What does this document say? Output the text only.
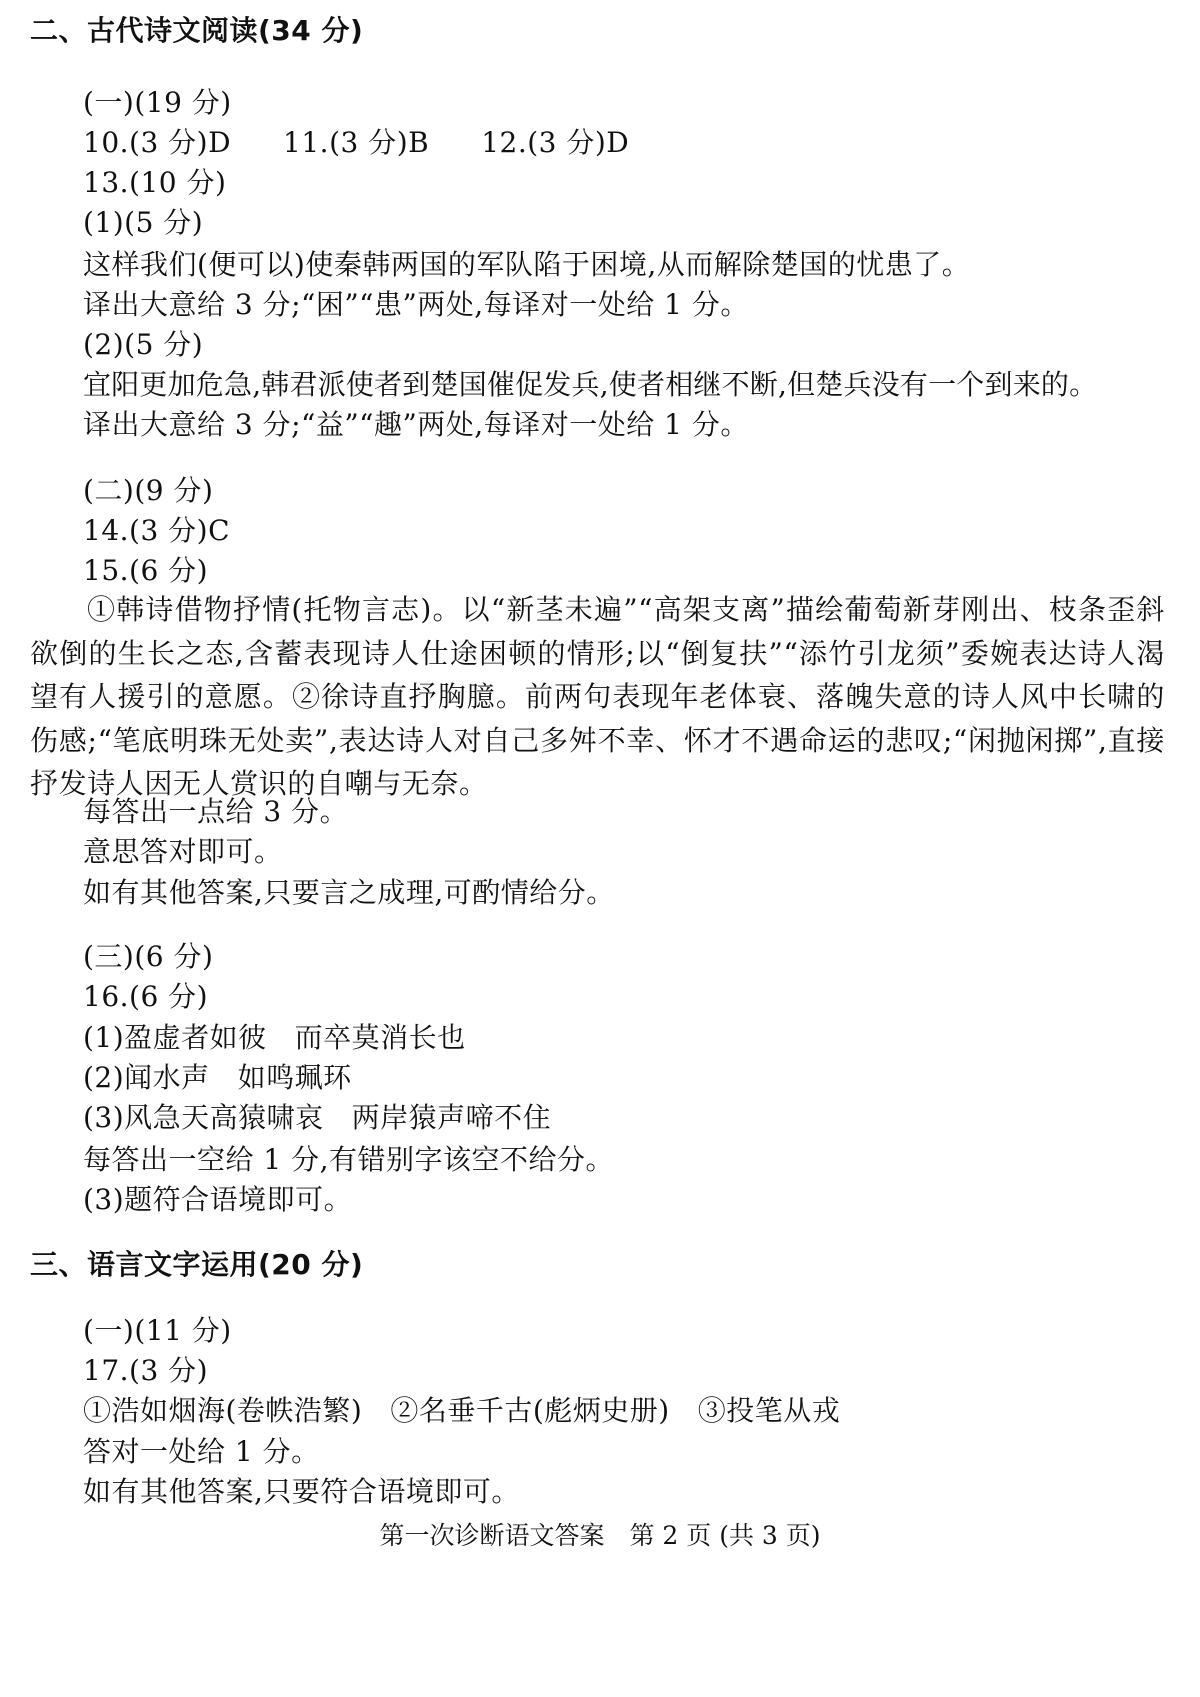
二、古代诗文阅读(34 分)
(一)(19 分)
10.(3 分)D 11.(3 分)B 12.(3 分)D
13.(10 分)
(1)(5 分)
这样我们(便可以)使秦韩两国的军队陷于困境,从而解除楚国的忧患了。
译出大意给 3 分;“困”“患”两处,每译对一处给 1 分。
(2)(5 分)
宜阳更加危急,韩君派使者到楚国催促发兵,使者相继不断,但楚兵没有一个到来的。
译出大意给 3 分;“益”“趣”两处,每译对一处给 1 分。
(二)(9 分)
14.(3 分)C
15.(6 分)
①韩诗借物抒情(托物言志)。以“新茎未遍”“高架支离”描绘葡萄新芽刚出、枝条歪斜欲倒的生长之态,含蓄表现诗人仕途困顿的情形;以“倒复扶”“添竹引龙须”委婉表达诗人渴望有人援引的意愿。②徐诗直抒胸臆。前两句表现年老体衰、落魄失意的诗人风中长啸的伤感;“笔底明珠无处卖”,表达诗人对自己多舛不幸、怀才不遇命运的悲叹;“闲抛闲掷”,直接抒发诗人因无人赏识的自嘲与无奈。
每答出一点给 3 分。
意思答对即可。
如有其他答案,只要言之成理,可酌情给分。
(三)(6 分)
16.(6 分)
(1)盈虚者如彼 而卒莫消长也
(2)闻水声 如鸣珮环
(3)风急天高猿啸哀 两岸猿声啼不住
每答出一空给 1 分,有错别字该空不给分。
(3)题符合语境即可。
三、语言文字运用(20 分)
(一)(11 分)
17.(3 分)
①浩如烟海(卷帙浩繁) ②名垂千古(彪炳史册) ③投笔从戎
答对一处给 1 分。
如有其他答案,只要符合语境即可。
第一次诊断语文答案　第 2 页 (共 3 页)
